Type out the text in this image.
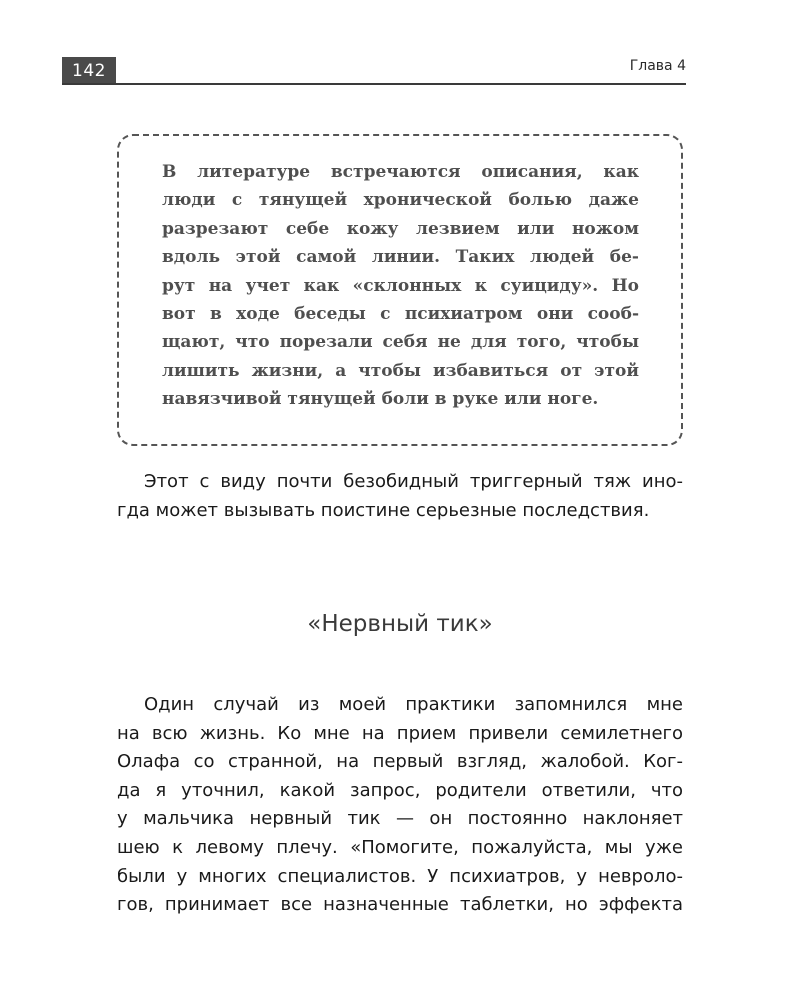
142	Глава 4
В литературе встречаются описания, как
люди с тянущей хронической болью даже
разрезают себе кожу лезвием или ножом
вдоль этой самой линии. Таких людей бе-
рут на учет как «склонных к суициду». Но
вот в ходе беседы с психиатром они сооб-
щают, что порезали себя не для того, чтобы
лишить жизни, а чтобы избавиться от этой
навязчивой тянущей боли в руке или ноге.
Этот с виду почти безобидный триггерный тяж ино-
гда может вызывать поистине серьезные последствия.
«Нервный тик»
Один случай из моей практики запомнился мне
на всю жизнь. Ко мне на прием привели семилетнего
Олафа со странной, на первый взгляд, жалобой. Ког-
да я уточнил, какой запрос, родители ответили, что
у мальчика нервный тик — он постоянно наклоняет
шею к левому плечу. «Помогите, пожалуйста, мы уже
были у многих специалистов. У психиатров, у невроло-
гов, принимает все назначенные таблетки, но эффекта
